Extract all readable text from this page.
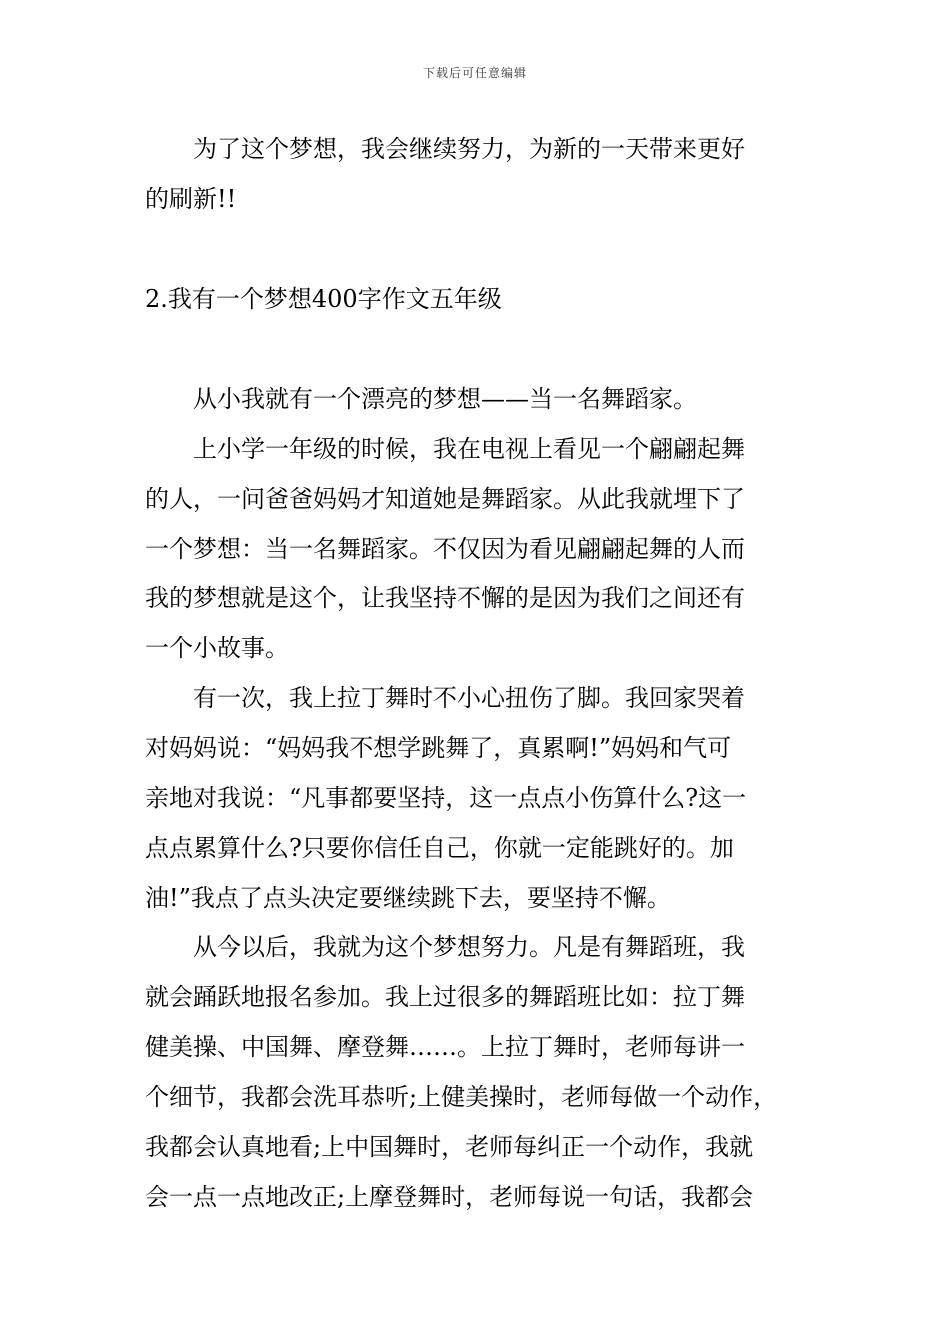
下载后可任意编辑
　　为了这个梦想，我会继续努力，为新的一天带来更好
的刷新!!
2.我有一个梦想400字作文五年级
　　从小我就有一个漂亮的梦想——当一名舞蹈家。
　　上小学一年级的时候，我在电视上看见一个翩翩起舞
的人，一问爸爸妈妈才知道她是舞蹈家。从此我就埋下了
一个梦想：当一名舞蹈家。不仅因为看见翩翩起舞的人而
我的梦想就是这个，让我坚持不懈的是因为我们之间还有
一个小故事。
　　有一次，我上拉丁舞时不小心扭伤了脚。我回家哭着
对妈妈说：“妈妈我不想学跳舞了，真累啊!”妈妈和气可
亲地对我说：“凡事都要坚持，这一点点小伤算什么?这一
点点累算什么?只要你信任自己，你就一定能跳好的。加
油!”我点了点头决定要继续跳下去，要坚持不懈。
　　从今以后，我就为这个梦想努力。凡是有舞蹈班，我
就会踊跃地报名参加。我上过很多的舞蹈班比如：拉丁舞
健美操、中国舞、摩登舞……。上拉丁舞时，老师每讲一
个细节，我都会洗耳恭听;上健美操时，老师每做一个动作，
我都会认真地看;上中国舞时，老师每纠正一个动作，我就
会一点一点地改正;上摩登舞时，老师每说一句话，我都会
